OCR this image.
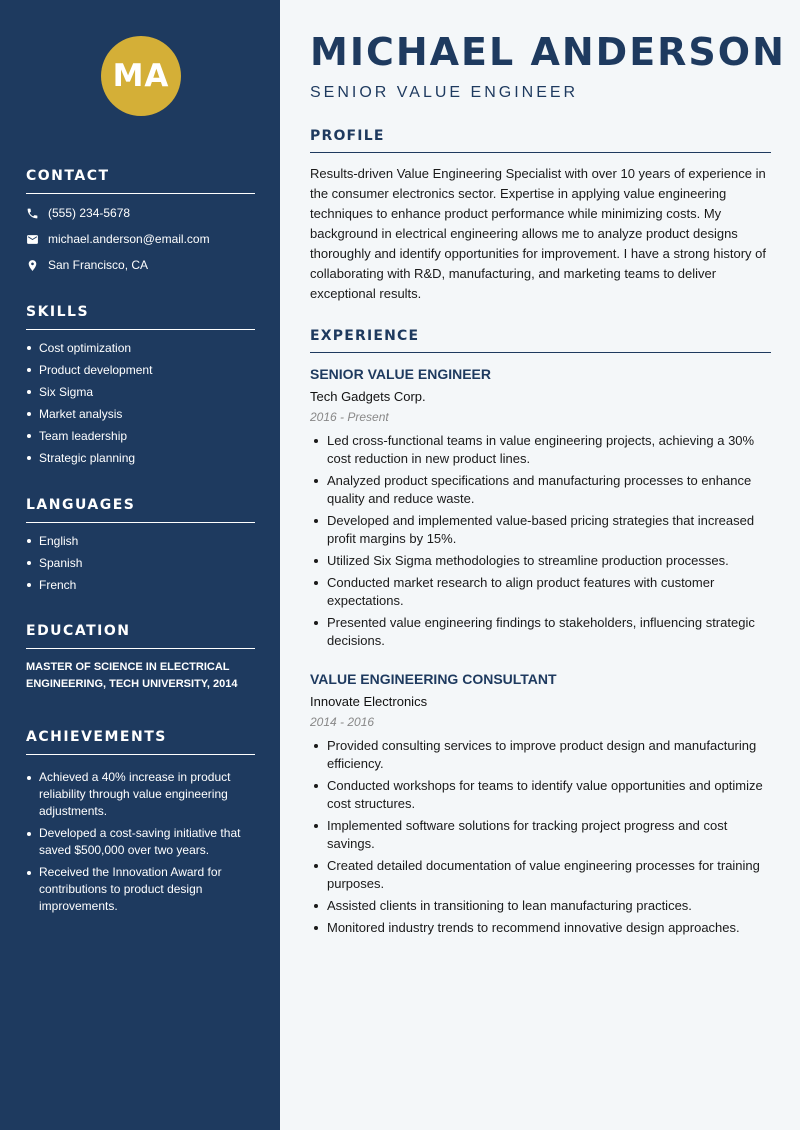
MA
CONTACT
(555) 234-5678
michael.anderson@email.com
San Francisco, CA
SKILLS
Cost optimization
Product development
Six Sigma
Market analysis
Team leadership
Strategic planning
LANGUAGES
English
Spanish
French
EDUCATION
MASTER OF SCIENCE IN ELECTRICAL ENGINEERING, TECH UNIVERSITY, 2014
ACHIEVEMENTS
Achieved a 40% increase in product reliability through value engineering adjustments.
Developed a cost-saving initiative that saved $500,000 over two years.
Received the Innovation Award for contributions to product design improvements.
MICHAEL ANDERSON
SENIOR VALUE ENGINEER
PROFILE

Results-driven Value Engineering Specialist with over 10 years of experience in the consumer electronics sector. Expertise in applying value engineering techniques to enhance product performance while minimizing costs. My background in electrical engineering allows me to analyze product designs thoroughly and identify opportunities for improvement. I have a strong history of collaborating with R&D, manufacturing, and marketing teams to deliver exceptional results.

EXPERIENCE
SENIOR VALUE ENGINEER
Tech Gadgets Corp.
2016 - Present
Led cross-functional teams in value engineering projects, achieving a 30% cost reduction in new product lines.
Analyzed product specifications and manufacturing processes to enhance quality and reduce waste.
Developed and implemented value-based pricing strategies that increased profit margins by 15%.
Utilized Six Sigma methodologies to streamline production processes.
Conducted market research to align product features with customer expectations.
Presented value engineering findings to stakeholders, influencing strategic decisions.
VALUE ENGINEERING CONSULTANT
Innovate Electronics
2014 - 2016
Provided consulting services to improve product design and manufacturing efficiency.
Conducted workshops for teams to identify value opportunities and optimize cost structures.
Implemented software solutions for tracking project progress and cost savings.
Created detailed documentation of value engineering processes for training purposes.
Assisted clients in transitioning to lean manufacturing practices.
Monitored industry trends to recommend innovative design approaches.
